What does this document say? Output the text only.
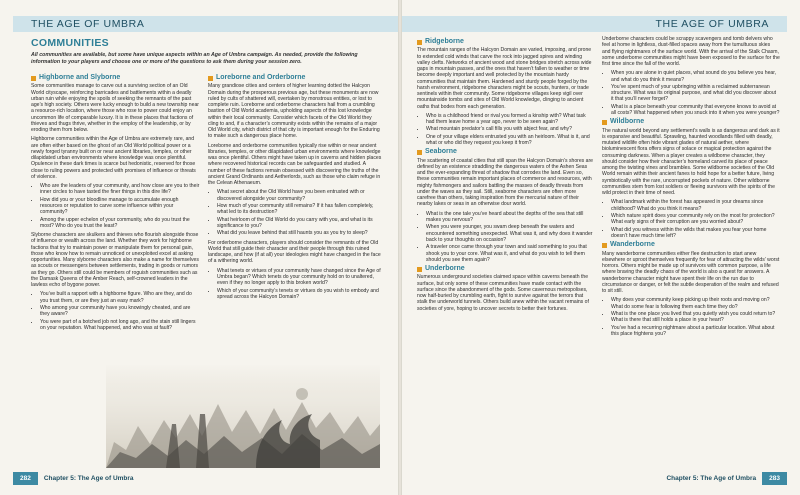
THE AGE OF UMBRA
COMMUNITIES
All communities are available, but some have unique aspects within an Age of Umbra campaign. As needed, provide the following information to your players and choose one or more of the questions to ask them during your session zero.
Highborne and Slyborne

Some communities manage to carve out a surviving section of an Old World cityscape, reinforcing barricades and battlements within a deadly urban ruin while enjoying the spoils of seeking the remnants of the past age’s high society. Others were lucky enough to build a new township near a resource-rich location, where those who rose to power could enjoy an uncommon life of comparable luxury. It is in these places that factions of thieves and thugs thrive, whether in the employ of the leadership, or by eroding them from below.

Highborne communities within the Age of Umbra are extremely rare, and are often either based on the ghost of an Old World political power or a newly forged tyranny built on or near ancient libraries, temples, or other dilapidated urban environments where knowledge was once plentiful. Opulence in these dark times is scarce but hedonistic, reserved for those close to ruling powers and protected with promises of influence or threats of violence.

• Who are the leaders of your community, and how close are you to their inner circles to have tasted the finer things in this dire life?
• How did you or your bloodline manage to accumulate enough resources or reputation to carve some influence within your community?
• Among the upper echelon of your community, who do you trust the most? Who do you trust the least?

Slyborne characters are skulkers and thieves who flourish alongside those of influence or wealth across the land. Whether they work for highborne factions that try to maintain power or manipulate them for personal gain, those who know how to remain unnoticed or unexploited excel at asking opportunities. Many slyborne characters also make a name for themselves as scouts or messengers between settlements, trading in goods or rumors as they go. Others still could be members of roguish communities such as the Damask Queens of the Amber Reach, self-crowned leaders in the lawless echo of bygone power.

• You’ve built a rapport with a highborne figure. Who are they, and do you trust them, or are they just an easy mark?
• Who among your community have you knowingly cheated, and are they aware?
• You were part of a botched job not long ago, and the stain still lingers on your reputation. What happened, and who was at fault?
Loreborne and Orderborne

Many grandiose cities and centers of higher learning dotted the Halcyon Domain during the prosperous previous age, but these monuments are now ruled by cults of shattered will, overtaken by monstrous entities, or lost to complete ruin. Loreborne and orderborne characters hail from a crumbling bastion of Old World academia, upholding aspects of this lost knowledge within their local community. Consider which facets of the Old World they cling to and, if a character’s community exists within the remains of a major Old World city, which district of that city is important enough for the Enduring to make such a dangerous place home.

Loreborne and orderborne communities typically rise within or near ancient libraries, temples, or other dilapidated urban environments where knowledge was once plentiful. Others might have taken up in caverns and hidden places where recovered historical records can be safeguarded and studied. A number of these factions remain obsessed with discovering the truths of the ancient Grand Ordinants and Aetherlords, such as those who claim refuge in the Celean Athenaeum.

• What secret about the Old World have you been entrusted with or discovered alongside your community?
• How much of your community still remains? If it has fallen completely, what led to its destruction?
• What heirloom of the Old World do you carry with you, and what is its significance to you?
• What did you leave behind that still haunts you as you try to sleep?

For orderborne characters, players should consider the remnants of the Old World that still guide their character and their people through this ruined landscape, and how (if at all) your ideologies might have changed in the face of a withering world.

• What tenets or virtues of your community have changed since the Age of Umbra began? Which tenets do your community hold on to unaltered, even if they no longer apply to this broken world?
• Which of your community’s tenets or virtues do you wish to embody and spread across the Halcyon Domain?
282 Chapter 5: The Age of Umbra
THE AGE OF UMBRA
Ridgeborne

The mountain ranges of the Halcyon Domain are varied, imposing, and prone to extended cold winds that carve the rock into jagged spires and winding valley clefts. Networks of ancient wood and stone bridges stretch across wide gaps in mountain passes, and the ones that haven’t fallen to weather or time become deeply important and well protected by the mountain hardy communities that maintain them. Hardened and sturdy people forged by the harsh environment, ridgeborne characters might be scouts, hunters, or trade sentinels within their community. Some ridgeborne villages keep vigil over mountainside tombs and sites of Old World knowledge, clinging to ancient oaths that bodes from each generation.

• Who is a childhood friend or rival you formed a kinship with? What task had them leave home a year ago, never to be seen again?
• What mountain predator’s call fills you with abject fear, and why?
• One of your village elders entrusted you with an heirloom. What is it, and what or who did they request you keep it from?
Seaborne

The scattering of coastal cities that still span the Halcyon Domain’s shores are defined by an existence straddling the dangerous waters of the Ashen Seas and the ever-expanding threat of shadow that corrodes the land. Even so, these communities remain important places of commerce and resources, with mighty fishmongers and sailors battling the masses of deadly threats from under the waves as they sail. Still, seaborne characters are often more carefree than others, taking inspiration from the mercurial nature of their nearby lakes or seas in an otherwise dour world.

• What is the one tale you’ve heard about the depths of the sea that still makes you nervous?
• When you were younger, you swam deep beneath the waters and encountered something unexpected. What was it, and why does it wander back to your thoughts on occasion?
• A traveler once came through your town and said something to you that shook you to your core. What was it, and what do you wish to tell them should you see them again?
Underborne

Numerous underground societies claimed space within caverns beneath the surface, but only some of these communities have made contact with the surface since the abandonment of the gods. Some cavernous metropolises, now half-buried by crumbling earth, fight to survive against the terrors that stalk the underworld tunnels. Others build anew within the vacant remains of societies of yore, hoping to uncover secrets to better their fortunes.

Underborne characters could be scrappy scavengers and tomb delvers who feel at home in lightless, dust-filled spaces away from the tumultuous skies and flying nightmares of the surface world. With the arrival of the Stalk Chasm, some underborne communities might have been exposed to the surface for the first time since the fall of the world.

• When you are alone in quiet places, what sound do you believe you hear, and what do you think it means?
• You’ve spent much of your upbringing within a reclaimed subterranean structure. What was its original purpose, and what did you discover about it that you’ll never forget?
• What is a place beneath your community that everyone knows to avoid at all costs? What happened when you snuck into it when you were younger?
Wildborne

The natural world beyond any settlement’s walls is as dangerous and dark as it is expansive and beautiful. Sprawling, haunted woodlands filled with deadly, mutated wildlife often hide vibrant glades of natural aether, where bioluminescent flora offers signs of solace or magical protection against the consuming darkness. When a player creates a wildborne character, they should consider how their character’s homeland carved its place of peace among the twisting vines and brambles. Some wildborne societies of the Old World remain within their ancient fanes to hold hope for a better future, living symbiotically with the rare, uncorrupted pockets of nature. Other wildborne communities stem from lost soldiers or fleeing survivors with the spirits of the wild protect in their time of need.

• What landmark within the forest has appeared in your dreams since childhood? What do you think it means?
• Which nature spirit does your community rely on the most for protection? What early signs of their corruption are you worried about?
• What did you witness within the wilds that makes you fear your home doesn’t have much time left?
Wanderborne

Many wanderborne communities either flee destruction to start anew elsewhere or uproot themselves frequently for fear of attracting the wilds’ worst horrors. Others might be made up of survivors with common purpose, a life where braving the deadly chaos of the world is also a quest for answers. A wanderborne character might have spent their life on the run due to circumstance or danger, or felt the subtle desperation of the realm and refused to sit still.

• Why does your community keep picking up their roots and moving on? What do some fear is following them each time they do?
• What is the one place you lived that you quietly wish you could return to? What is there that still holds a place in your heart?
• You’ve had a recurring nightmare about a particular location. What about this place frightens you?
Chapter 5: The Age of Umbra 283
